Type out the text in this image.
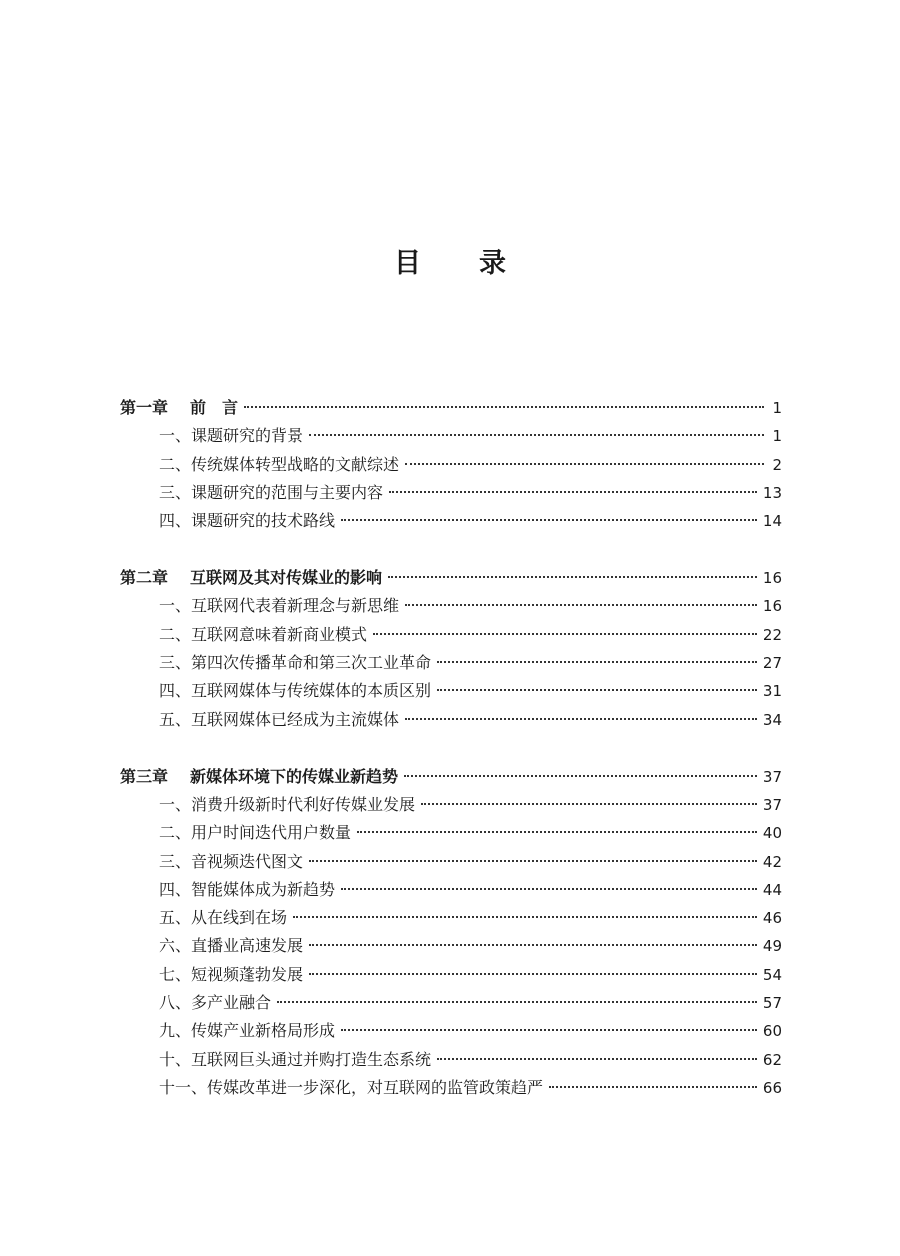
目录
第一章 前　言	1
一、课题研究的背景	1
二、传统媒体转型战略的文献综述	2
三、课题研究的范围与主要内容	13
四、课题研究的技术路线	14
第二章 互联网及其对传媒业的影响	16
一、互联网代表着新理念与新思维	16
二、互联网意味着新商业模式	22
三、第四次传播革命和第三次工业革命	27
四、互联网媒体与传统媒体的本质区别	31
五、互联网媒体已经成为主流媒体	34
第三章 新媒体环境下的传媒业新趋势	37
一、消费升级新时代利好传媒业发展	37
二、用户时间迭代用户数量	40
三、音视频迭代图文	42
四、智能媒体成为新趋势	44
五、从在线到在场	46
六、直播业高速发展	49
七、短视频蓬勃发展	54
八、多产业融合	57
九、传媒产业新格局形成	60
十、互联网巨头通过并购打造生态系统	62
十一、传媒改革进一步深化，对互联网的监管政策趋严	66
